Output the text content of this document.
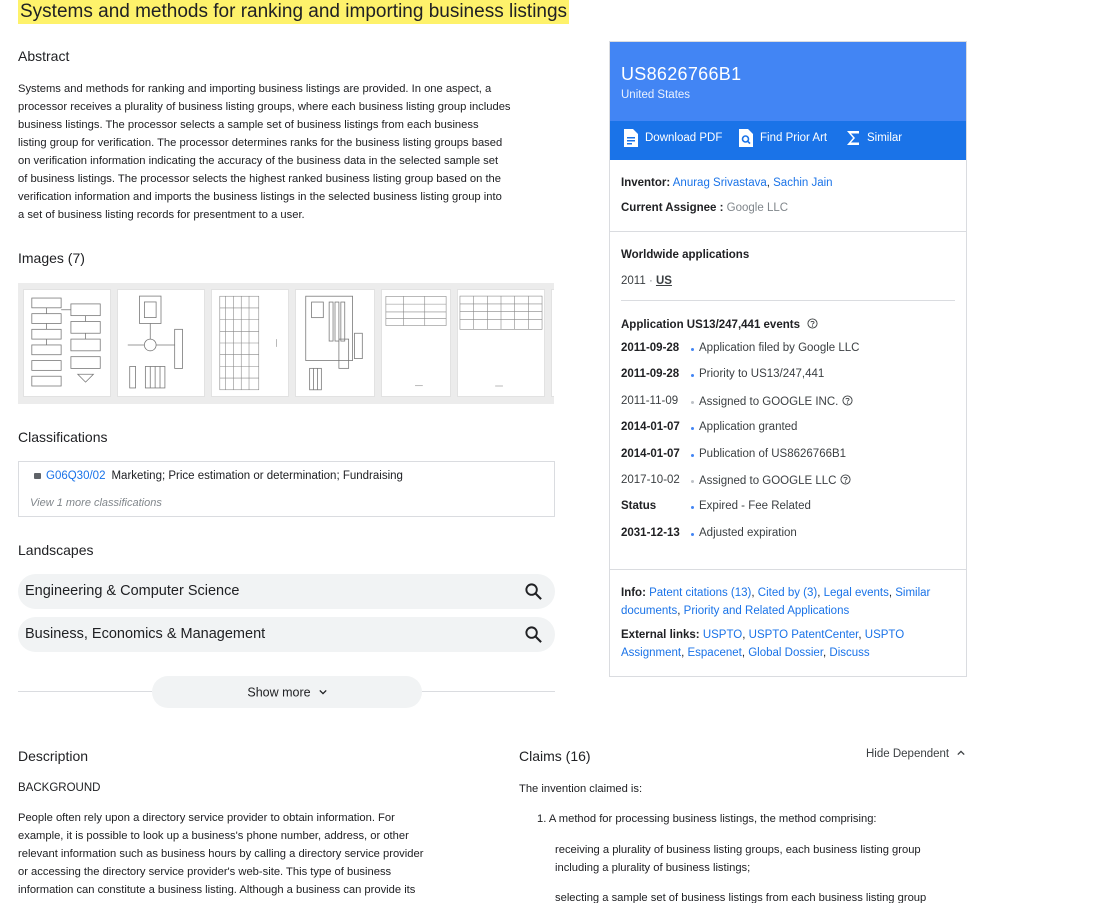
Systems and methods for ranking and importing business listings
Abstract
Systems and methods for ranking and importing business listings are provided. In one aspect, a
processor receives a plurality of business listing groups, where each business listing group includes
business listings. The processor selects a sample set of business listings from each business
listing group for verification. The processor determines ranks for the business listing groups based
on verification information indicating the accuracy of the business data in the selected sample set
of business listings. The processor selects the highest ranked business listing group based on the
verification information and imports the business listings in the selected business listing group into
a set of business listing records for presentment to a user.
Images (7)
Classifications
G06Q30/02 Marketing; Price estimation or determination; Fundraising
View 1 more classifications
Landscapes
Engineering & Computer Science
Business, Economics & Management
Show more
US8626766B1
United States
Download PDF	Find Prior Art	Similar
Inventor: Anurag Srivastava, Sachin Jain
Current Assignee : Google LLC
Worldwide applications
2011 · US
Application US13/247,441 events
2011-09-28 Application filed by Google LLC
2011-09-28 Priority to US13/247,441
2011-11-09 Assigned to GOOGLE INC.
2014-01-07 Application granted
2014-01-07 Publication of US8626766B1
2017-10-02 Assigned to GOOGLE LLC
Status	Expired - Fee Related
2031-12-13 Adjusted expiration
Info: Patent citations (13), Cited by (3), Legal events, Similar documents, Priority and Related Applications
External links: USPTO, USPTO PatentCenter, USPTO Assignment, Espacenet, Global Dossier, Discuss
Description
BACKGROUND
People often rely upon a directory service provider to obtain information. For
example, it is possible to look up a business's phone number, address, or other
relevant information such as business hours by calling a directory service provider
or accessing the directory service provider's web-site. This type of business
information can constitute a business listing. Although a business can provide its
Claims (16)	Hide Dependent
The invention claimed is:
1. A method for processing business listings, the method comprising:
receiving a plurality of business listing groups, each business listing group
including a plurality of business listings;
selecting a sample set of business listings from each business listing group
